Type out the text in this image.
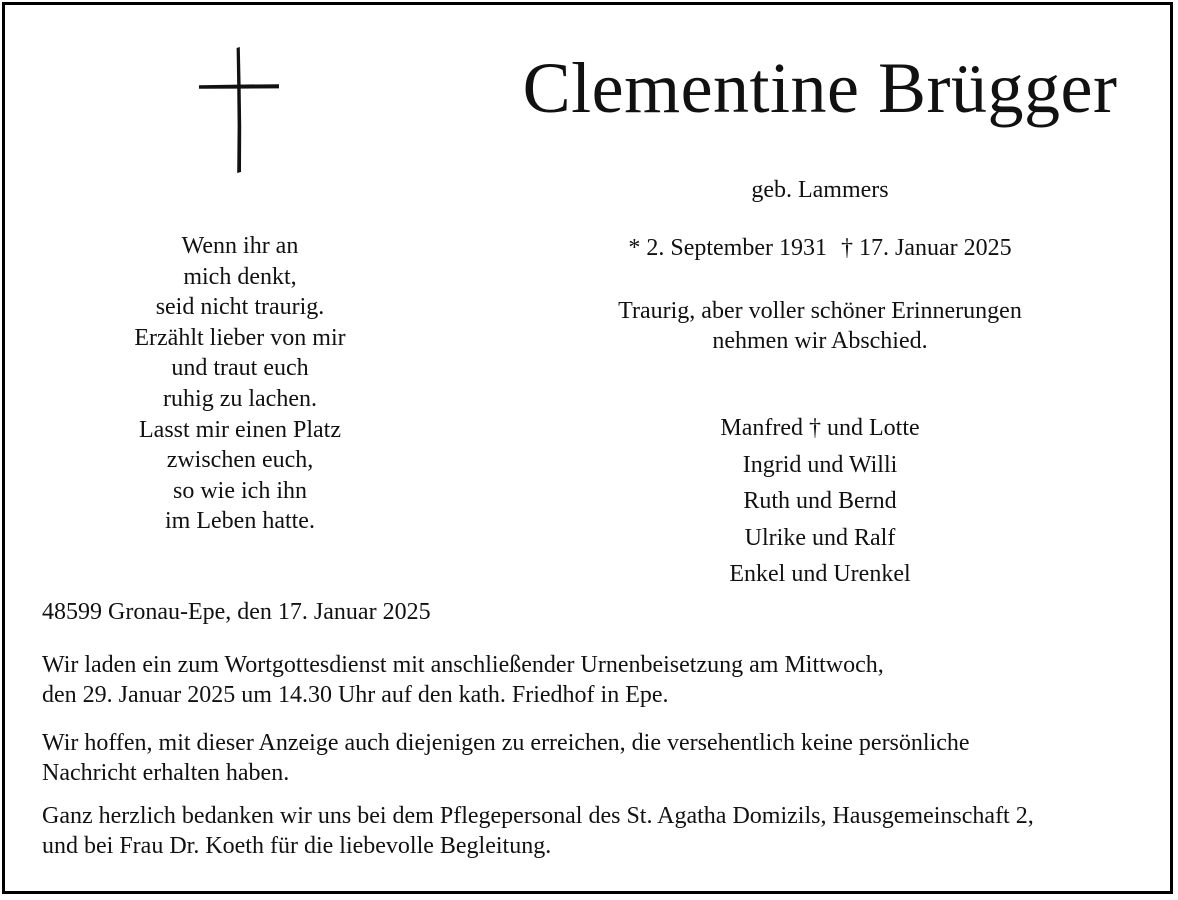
Clementine Brügger
geb. Lammers
* 2. September 1931 † 17. Januar 2025
Traurig, aber voller schöner Erinnerungen
nehmen wir Abschied.
Manfred † und Lotte
Ingrid und Willi
Ruth und Bernd
Ulrike und Ralf
Enkel und Urenkel
Wenn ihr an
mich denkt,
seid nicht traurig.
Erzählt lieber von mir
und traut euch
ruhig zu lachen.
Lasst mir einen Platz
zwischen euch,
so wie ich ihn
im Leben hatte.
48599 Gronau-Epe, den 17. Januar 2025
Wir laden ein zum Wortgottesdienst mit anschließender Urnenbeisetzung am Mittwoch,
den 29. Januar 2025 um 14.30 Uhr auf den kath. Friedhof in Epe.
Wir hoffen, mit dieser Anzeige auch diejenigen zu erreichen, die versehentlich keine persönliche
Nachricht erhalten haben.
Ganz herzlich bedanken wir uns bei dem Pflegepersonal des St. Agatha Domizils, Hausgemeinschaft 2,
und bei Frau Dr. Koeth für die liebevolle Begleitung.
